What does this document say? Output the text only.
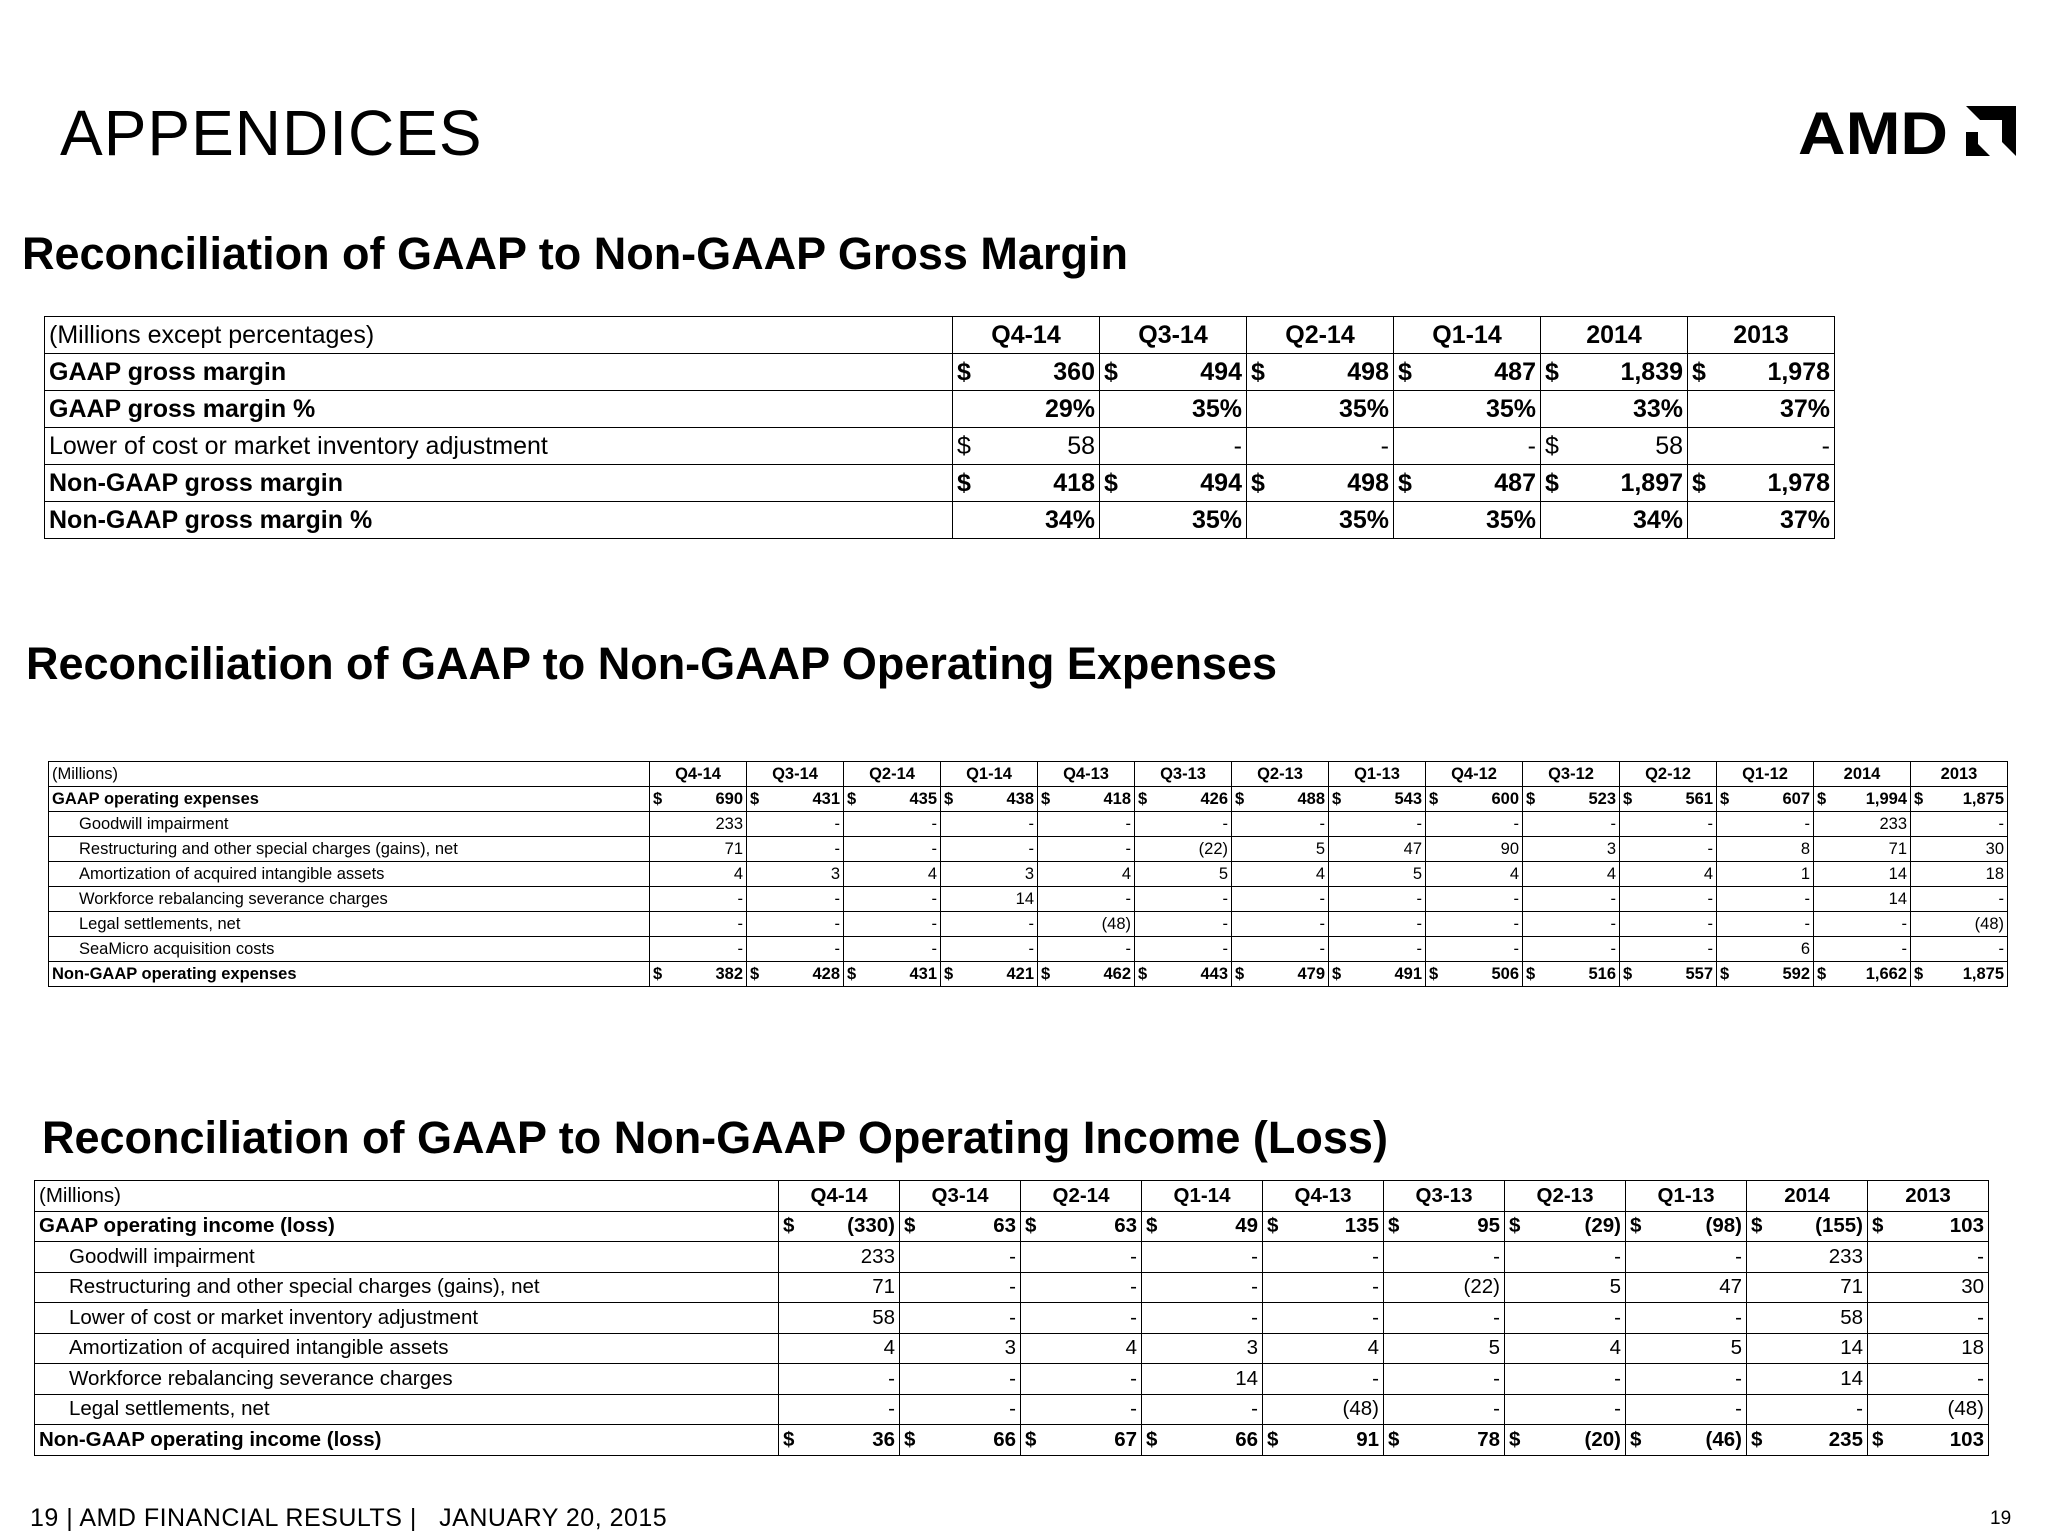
APPENDICES	AMD
Reconciliation of GAAP to Non-GAAP Gross Margin
(Millions except percentages)	Q4-14	Q3-14	Q2-14	Q1-14	2014	2013
GAAP gross margin	$ 360	$ 494	$ 498	$ 487	$ 1,839	$ 1,978

GAAP gross margin %	29%	35%	35%	35%	33%	37%

Lower of cost or market inventory adjustment	$ 58	-	-	-	$ 58	-

Non-GAAP gross margin	$ 418	$ 494	$ 498	$ 487	$ 1,897	$ 1,978

Non-GAAP gross margin %	34%	35%	35%	35%	34%	37%
Reconciliation of GAAP to Non-GAAP Operating Expenses
(Millions)	Q4-14	Q3-14	Q2-14	Q1-14	Q4-13	Q3-13	Q2-13	Q1-13	Q4-12	Q3-12	Q2-12	Q1-12	2014	2013
GAAP operating expenses	$ 690	$ 431	$ 435	$ 438	$ 418	$ 426	$ 488	$ 543	$ 600	$ 523	$ 561	$ 607	$ 1,994	$ 1,875

Goodwill impairment	233	-	-	-	-	-	-	-	-	-	-	-	233	-

Restructuring and other special charges (gains), net	71	-	-	-	-	(22)	5	47	90	3	-	8	71	30

Amortization of acquired intangible assets	4	3	4	3	4	5	4	5	4	4	4	1	14	18

Workforce rebalancing severance charges	-	-	-	14	-	-	-	-	-	-	-	-	14	-

Legal settlements, net	-	-	-	-	(48)	-	-	-	-	-	-	-	-	(48)

SeaMicro acquisition costs	-	-	-	-	-	-	-	-	-	-	-	6	-	-

Non-GAAP operating expenses	$ 382	$ 428	$ 431	$ 421	$ 462	$ 443	$ 479	$ 491	$ 506	$ 516	$ 557	$ 592	$ 1,662	$ 1,875
Reconciliation of GAAP to Non-GAAP Operating Income (Loss)
(Millions)	Q4-14	Q3-14	Q2-14	Q1-14	Q4-13	Q3-13	Q2-13	Q1-13	2014	2013
GAAP operating income (loss)	$ (330)	$ 63	$ 63	$ 49	$ 135	$ 95	$ (29)	$ (98)	$ (155)	$ 103

Goodwill impairment	233	-	-	-	-	-	-	-	233	-

Restructuring and other special charges (gains), net	71	-	-	-	-	(22)	5	47	71	30

Lower of cost or market inventory adjustment	58	-	-	-	-	-	-	-	58	-

Amortization of acquired intangible assets	4	3	4	3	4	5	4	5	14	18

Workforce rebalancing severance charges	-	-	-	14	-	-	-	-	14	-

Legal settlements, net	-	-	-	-	(48)	-	-	-	-	(48)

Non-GAAP operating income (loss)	$ 36	$ 66	$ 67	$ 66	$ 91	$ 78	$ (20)	$ (46)	$ 235	$ 103
19 | AMD FINANCIAL RESULTS |   JANUARY 20, 2015	19
